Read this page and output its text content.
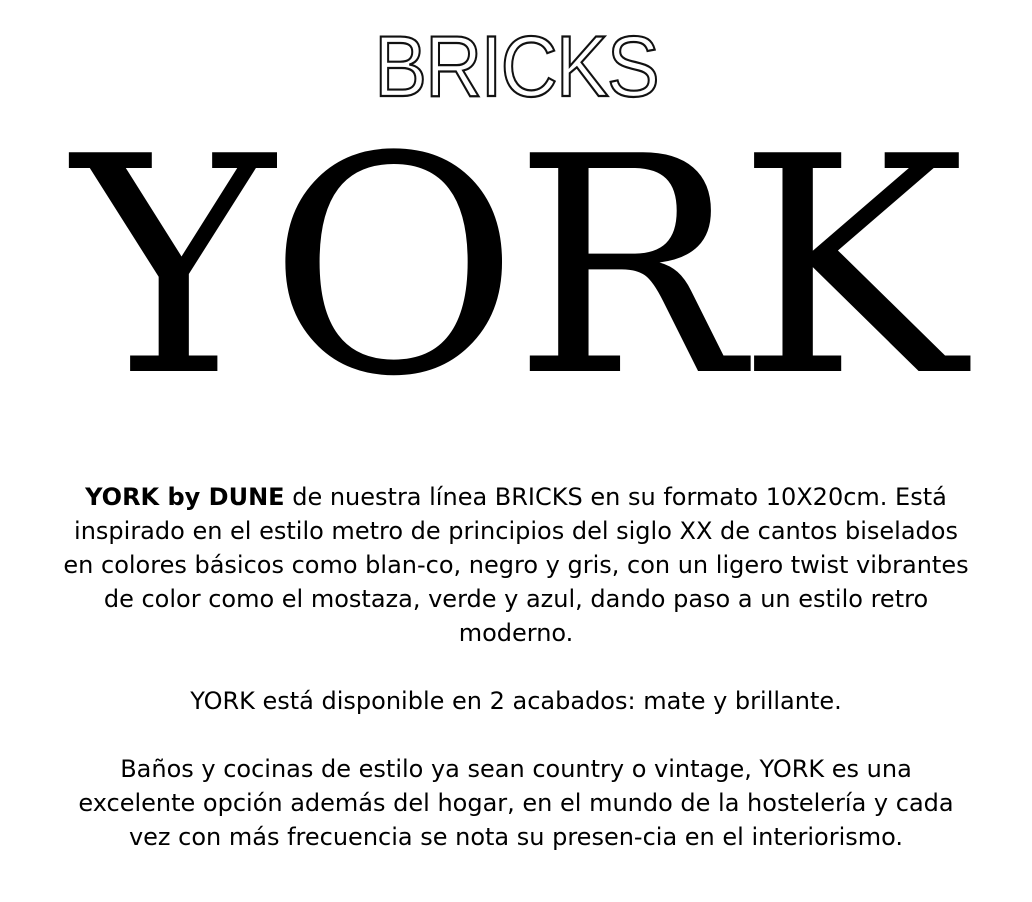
BRICKS
YORK

YORK by DUNE de nuestra línea BRICKS en su formato 10X20cm. Está inspirado en el estilo metro de principios del siglo XX de cantos biselados en colores básicos como blan-co, negro y gris, con un ligero twist vibrantes de color como el mostaza, verde y azul, dando paso a un estilo retro moderno.

YORK está disponible en 2 acabados: mate y brillante.

Baños y cocinas de estilo ya sean country o vintage, YORK es una excelente opción además del hogar, en el mundo de la hostelería y cada vez con más frecuencia se nota su presen-cia en el interiorismo.
